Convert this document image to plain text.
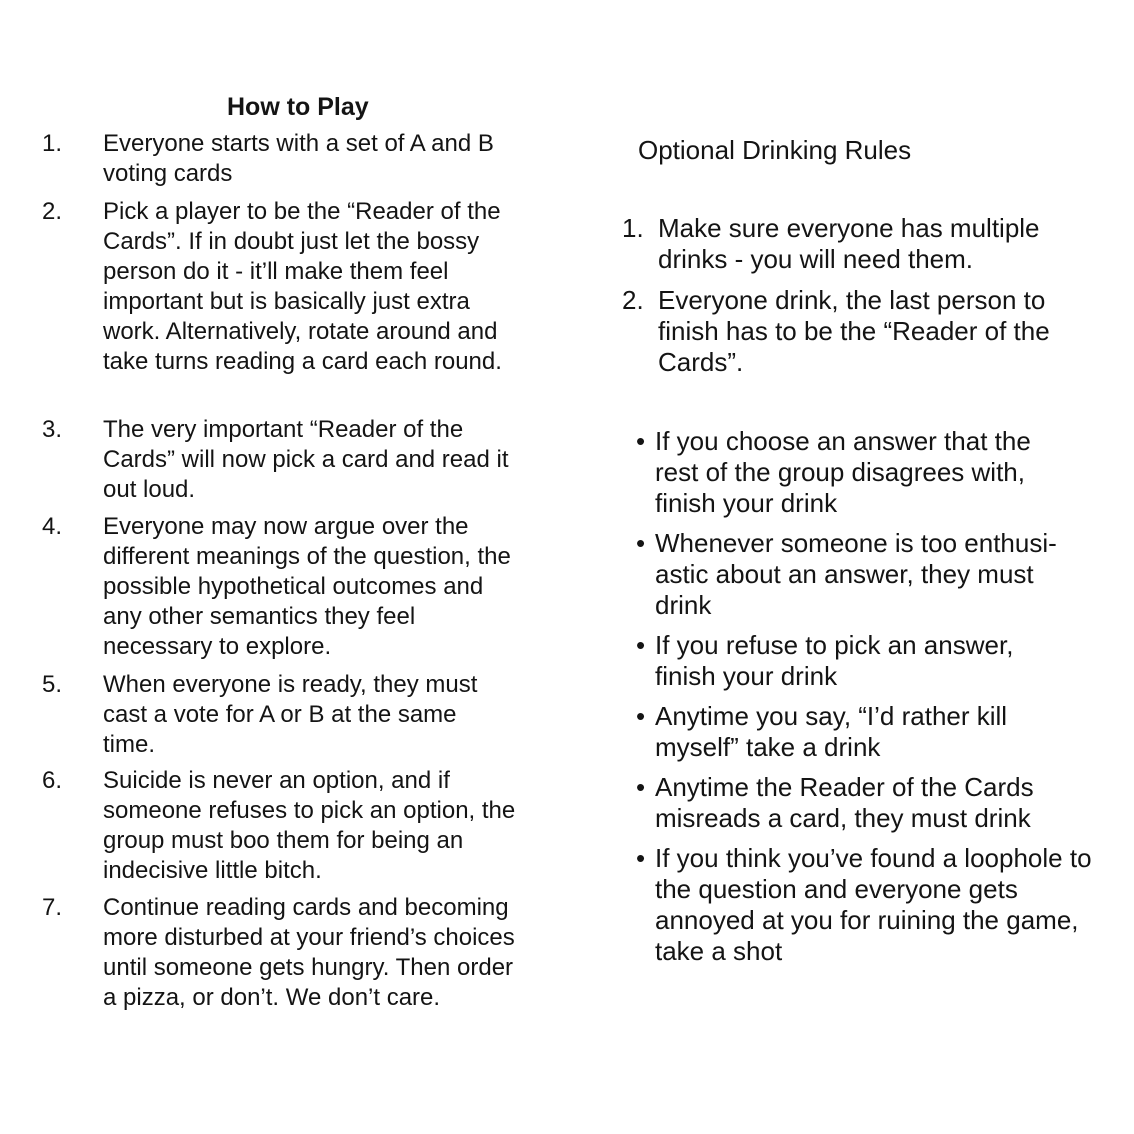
How to Play
1.	Everyone starts with a set of A and B voting cards
2.	Pick a player to be the “Reader of the Cards”. If in doubt just let the bossy person do it - it’ll make them feel important but is basically just extra work. Alternatively, rotate around and take turns reading a card each round.
3.	The very important “Reader of the Cards” will now pick a card and read it out loud.
4.	Everyone may now argue over the different meanings of the question, the possible hypothetical outcomes and any other semantics they feel necessary to explore.
5.	When everyone is ready, they must cast a vote for A or B at the same time.
6.	Suicide is never an option, and if someone refuses to pick an option, the group must boo them for being an indecisive little bitch.
7.	Continue reading cards and becoming more disturbed at your friend’s choices until someone gets hungry. Then order a pizza, or don’t. We don’t care.
Optional Drinking Rules
1. Make sure everyone has multiple drinks - you will need them.
2. Everyone drink, the last person to finish has to be the “Reader of the Cards”.
• If you choose an answer that the rest of the group disagrees with, finish your drink
• Whenever someone is too enthusi-astic about an answer, they must drink
• If you refuse to pick an answer, finish your drink
• Anytime you say, “I’d rather kill myself” take a drink
• Anytime the Reader of the Cards misreads a card, they must drink
• If you think you’ve found a loophole to the question and everyone gets annoyed at you for ruining the game, take a shot
